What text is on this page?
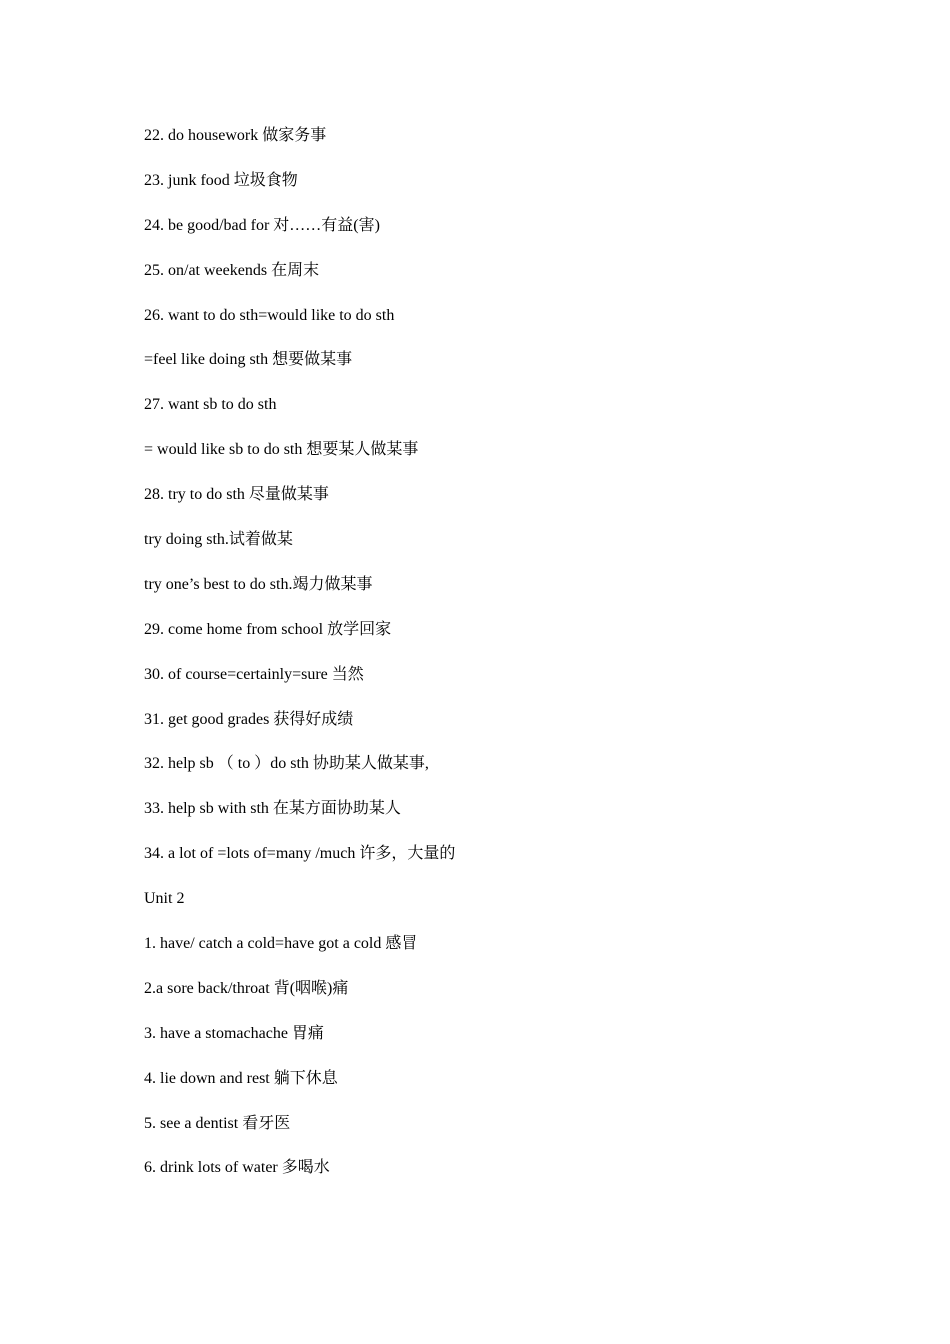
22. do housework 做家务事
23. junk food 垃圾食物
24. be good/bad for 对……有益(害)
25. on/at weekends 在周末
26. want to do sth=would like to do sth
=feel like doing sth 想要做某事
27. want sb to do sth
= would like sb to do sth 想要某人做某事
28. try to do sth 尽量做某事
try doing sth.试着做某
try one’s best to do sth.竭力做某事
29. come home from school 放学回家
30. of course=certainly=sure 当然
31. get good grades 获得好成绩
32. help sb （ to ）do sth 协助某人做某事,
33. help sb with sth 在某方面协助某人
34. a lot of =lots of=many /much 许多，大量的
Unit 2
1. have/ catch a cold=have got a cold 感冒
2.a sore back/throat 背(咽喉)痛
3. have a stomachache 胃痛
4. lie down and rest 躺下休息
5. see a dentist 看牙医
6. drink lots of water 多喝水
